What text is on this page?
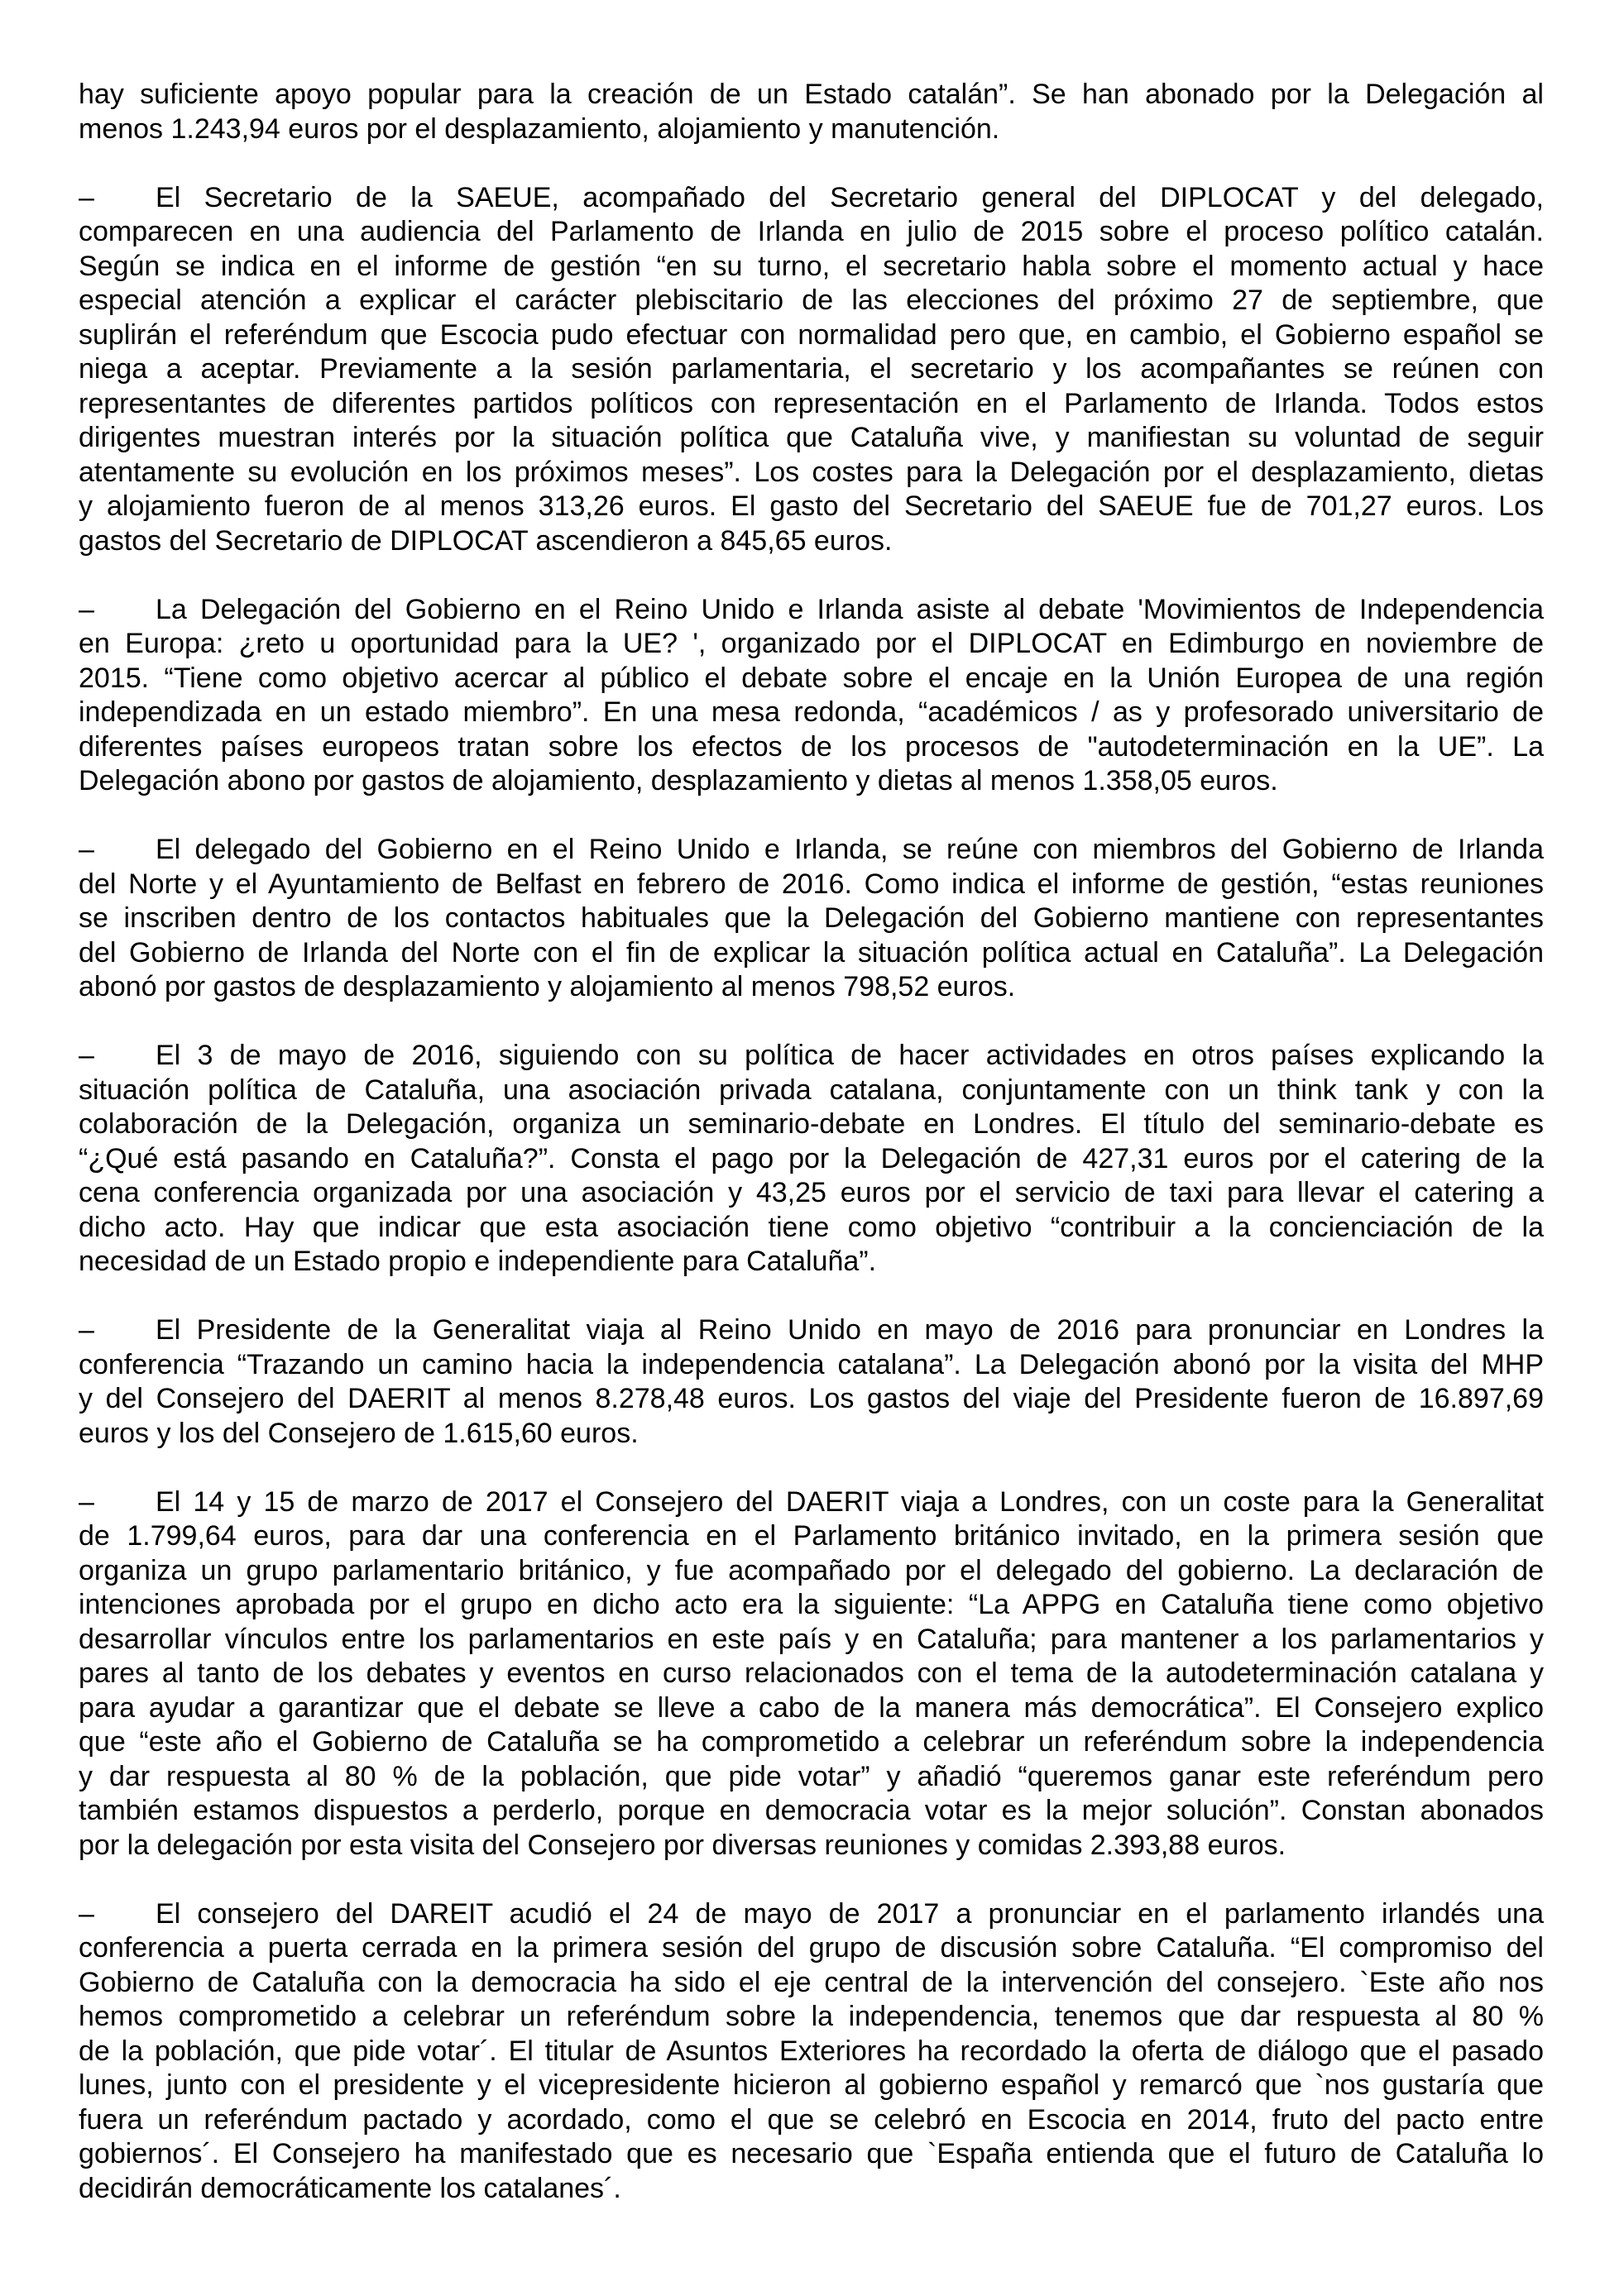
hay suficiente apoyo popular para la creación de un Estado catalán”. Se han abonado por la Delegación al
menos 1.243,94 euros por el desplazamiento, alojamiento y manutención.
– El Secretario de la SAEUE, acompañado del Secretario general del DIPLOCAT y del delegado,
comparecen en una audiencia del Parlamento de Irlanda en julio de 2015 sobre el proceso político catalán.
Según se indica en el informe de gestión “en su turno, el secretario habla sobre el momento actual y hace
especial atención a explicar el carácter plebiscitario de las elecciones del próximo 27 de septiembre, que
suplirán el referéndum que Escocia pudo efectuar con normalidad pero que, en cambio, el Gobierno español se
niega a aceptar. Previamente a la sesión parlamentaria, el secretario y los acompañantes se reúnen con
representantes de diferentes partidos políticos con representación en el Parlamento de Irlanda. Todos estos
dirigentes muestran interés por la situación política que Cataluña vive, y manifiestan su voluntad de seguir
atentamente su evolución en los próximos meses”. Los costes para la Delegación por el desplazamiento, dietas
y alojamiento fueron de al menos 313,26 euros. El gasto del Secretario del SAEUE fue de 701,27 euros. Los
gastos del Secretario de DIPLOCAT ascendieron a 845,65 euros.
– La Delegación del Gobierno en el Reino Unido e Irlanda asiste al debate 'Movimientos de Independencia
en Europa: ¿reto u oportunidad para la UE? ', organizado por el DIPLOCAT en Edimburgo en noviembre de
2015. “Tiene como objetivo acercar al público el debate sobre el encaje en la Unión Europea de una región
independizada en un estado miembro”. En una mesa redonda, “académicos / as y profesorado universitario de
diferentes países europeos tratan sobre los efectos de los procesos de "autodeterminación en la UE”. La
Delegación abono por gastos de alojamiento, desplazamiento y dietas al menos 1.358,05 euros.
– El delegado del Gobierno en el Reino Unido e Irlanda, se reúne con miembros del Gobierno de Irlanda
del Norte y el Ayuntamiento de Belfast en febrero de 2016. Como indica el informe de gestión, “estas reuniones
se inscriben dentro de los contactos habituales que la Delegación del Gobierno mantiene con representantes
del Gobierno de Irlanda del Norte con el fin de explicar la situación política actual en Cataluña”. La Delegación
abonó por gastos de desplazamiento y alojamiento al menos 798,52 euros.
– El 3 de mayo de 2016, siguiendo con su política de hacer actividades en otros países explicando la
situación política de Cataluña, una asociación privada catalana, conjuntamente con un think tank y con la
colaboración de la Delegación, organiza un seminario-debate en Londres. El título del seminario-debate es
“¿Qué está pasando en Cataluña?”. Consta el pago por la Delegación de 427,31 euros por el catering de la
cena conferencia organizada por una asociación y 43,25 euros por el servicio de taxi para llevar el catering a
dicho acto. Hay que indicar que esta asociación tiene como objetivo “contribuir a la concienciación de la
necesidad de un Estado propio e independiente para Cataluña”.
– El Presidente de la Generalitat viaja al Reino Unido en mayo de 2016 para pronunciar en Londres la
conferencia “Trazando un camino hacia la independencia catalana”. La Delegación abonó por la visita del MHP
y del Consejero del DAERIT al menos 8.278,48 euros. Los gastos del viaje del Presidente fueron de 16.897,69
euros y los del Consejero de 1.615,60 euros.
– El 14 y 15 de marzo de 2017 el Consejero del DAERIT viaja a Londres, con un coste para la Generalitat
de 1.799,64 euros, para dar una conferencia en el Parlamento británico invitado, en la primera sesión que
organiza un grupo parlamentario británico, y fue acompañado por el delegado del gobierno. La declaración de
intenciones aprobada por el grupo en dicho acto era la siguiente: “La APPG en Cataluña tiene como objetivo
desarrollar vínculos entre los parlamentarios en este país y en Cataluña; para mantener a los parlamentarios y
pares al tanto de los debates y eventos en curso relacionados con el tema de la autodeterminación catalana y
para ayudar a garantizar que el debate se lleve a cabo de la manera más democrática”. El Consejero explico
que “este año el Gobierno de Cataluña se ha comprometido a celebrar un referéndum sobre la independencia
y dar respuesta al 80 % de la población, que pide votar” y añadió “queremos ganar este referéndum pero
también estamos dispuestos a perderlo, porque en democracia votar es la mejor solución”. Constan abonados
por la delegación por esta visita del Consejero por diversas reuniones y comidas 2.393,88 euros.
– El consejero del DAREIT acudió el 24 de mayo de 2017 a pronunciar en el parlamento irlandés una
conferencia a puerta cerrada en la primera sesión del grupo de discusión sobre Cataluña. “El compromiso del
Gobierno de Cataluña con la democracia ha sido el eje central de la intervención del consejero. `Este año nos
hemos comprometido a celebrar un referéndum sobre la independencia, tenemos que dar respuesta al 80 %
de la población, que pide votar´. El titular de Asuntos Exteriores ha recordado la oferta de diálogo que el pasado
lunes, junto con el presidente y el vicepresidente hicieron al gobierno español y remarcó que `nos gustaría que
fuera un referéndum pactado y acordado, como el que se celebró en Escocia en 2014, fruto del pacto entre
gobiernos´. El Consejero ha manifestado que es necesario que `España entienda que el futuro de Cataluña lo
decidirán democráticamente los catalanes´.
